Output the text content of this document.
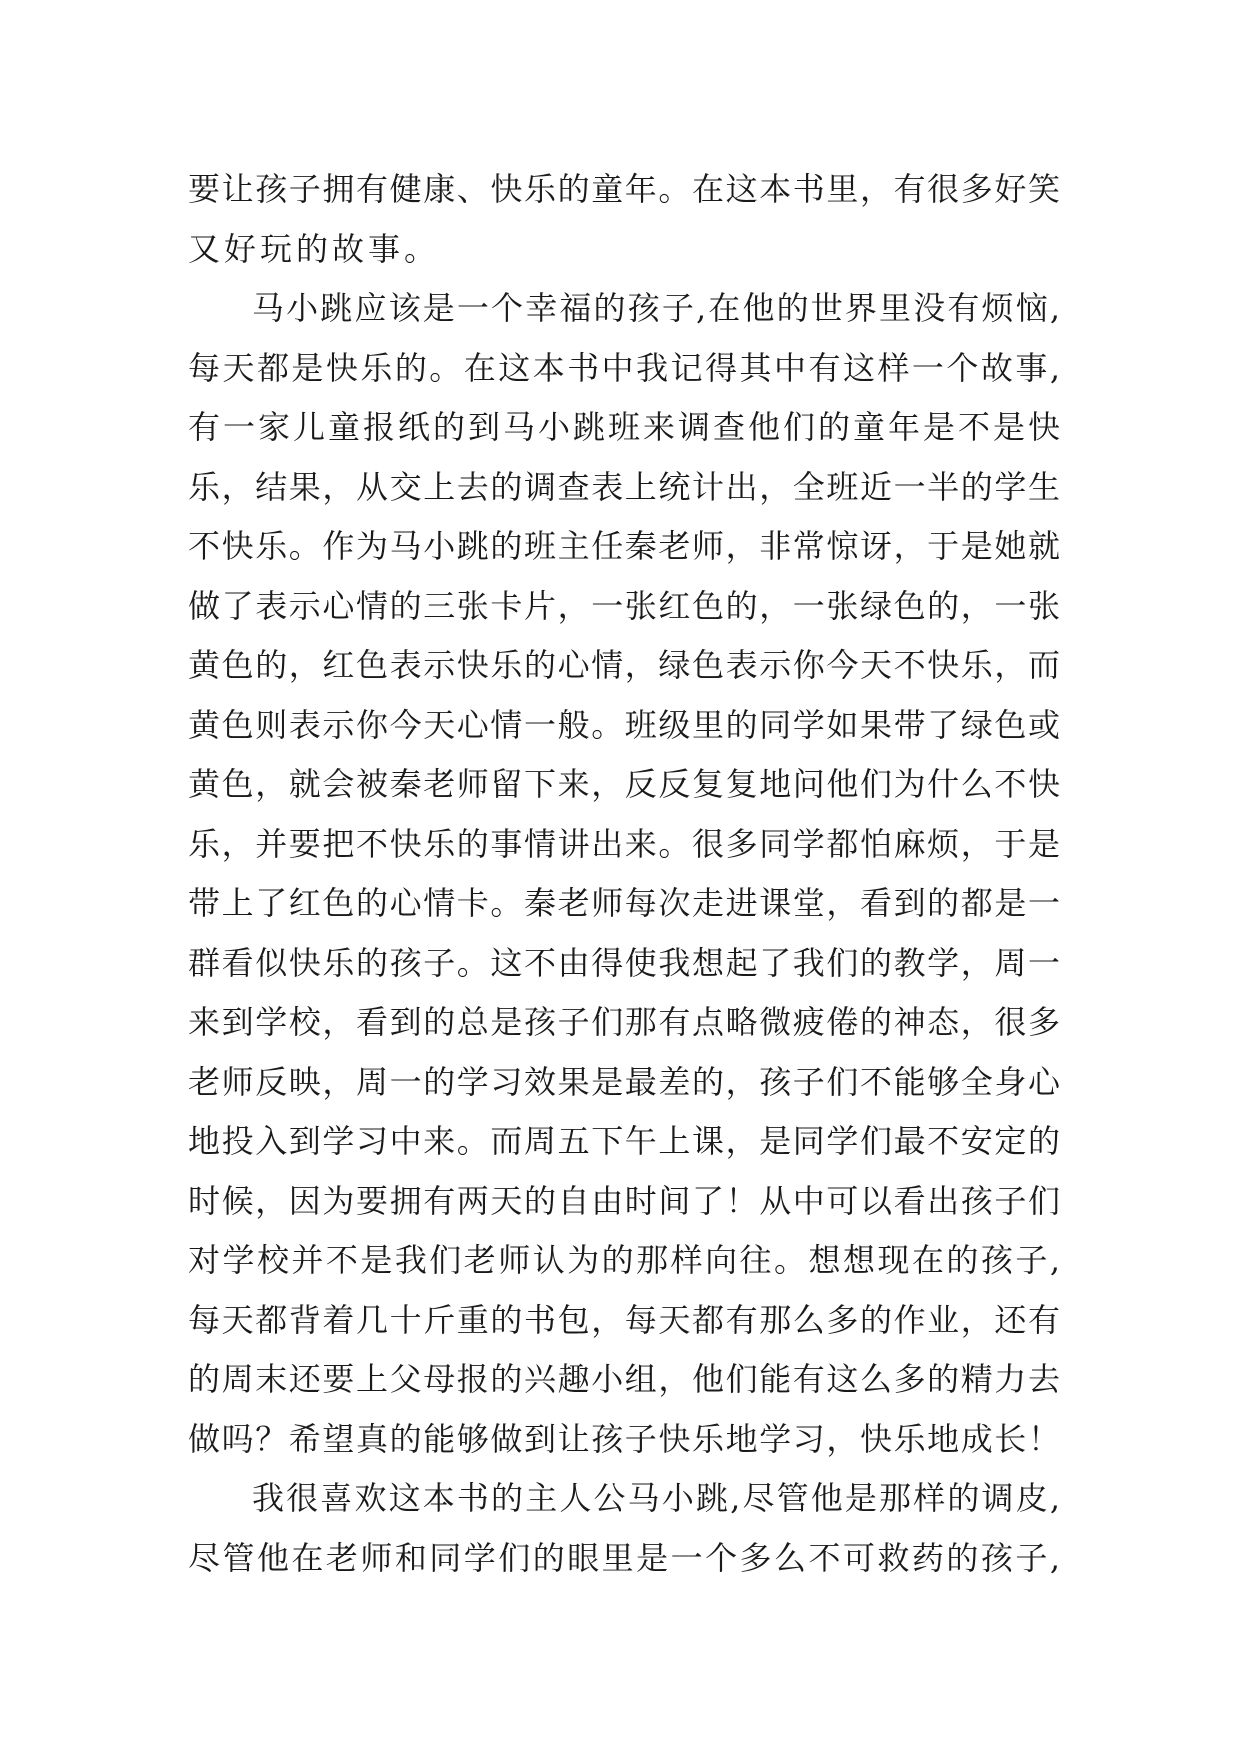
要让孩子拥有健康、快乐的童年。在这本书里，有很多好笑
又好玩的故事。
马小跳应该是一个幸福的孩子,在他的世界里没有烦恼,
每天都是快乐的。在这本书中我记得其中有这样一个故事,
有一家儿童报纸的到马小跳班来调查他们的童年是不是快
乐，结果，从交上去的调查表上统计出，全班近一半的学生
不快乐。作为马小跳的班主任秦老师，非常惊讶，于是她就
做了表示心情的三张卡片，一张红色的，一张绿色的，一张
黄色的，红色表示快乐的心情，绿色表示你今天不快乐，而
黄色则表示你今天心情一般。班级里的同学如果带了绿色或
黄色，就会被秦老师留下来，反反复复地问他们为什么不快
乐，并要把不快乐的事情讲出来。很多同学都怕麻烦，于是
带上了红色的心情卡。秦老师每次走进课堂，看到的都是一
群看似快乐的孩子。这不由得使我想起了我们的教学，周一
来到学校，看到的总是孩子们那有点略微疲倦的神态，很多
老师反映，周一的学习效果是最差的，孩子们不能够全身心
地投入到学习中来。而周五下午上课，是同学们最不安定的
时候，因为要拥有两天的自由时间了！从中可以看出孩子们
对学校并不是我们老师认为的那样向往。想想现在的孩子,
每天都背着几十斤重的书包，每天都有那么多的作业，还有
的周末还要上父母报的兴趣小组，他们能有这么多的精力去
做吗？希望真的能够做到让孩子快乐地学习，快乐地成长！
我很喜欢这本书的主人公马小跳,尽管他是那样的调皮,
尽管他在老师和同学们的眼里是一个多么不可救药的孩子,
